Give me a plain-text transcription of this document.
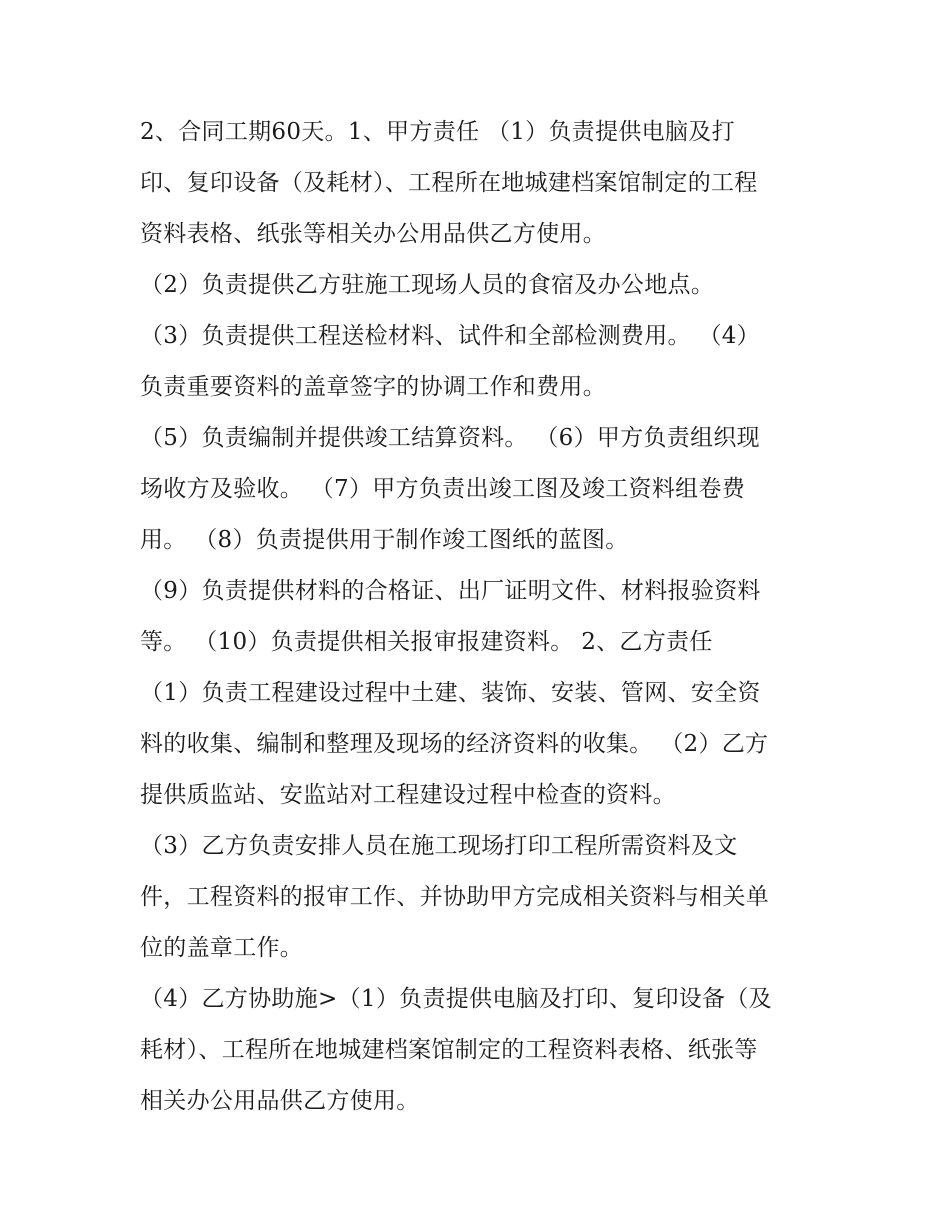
2、合同工期60天。1、甲方责任 （1）负责提供电脑及打
印、复印设备（及耗材）、工程所在地城建档案馆制定的工程
资料表格、纸张等相关办公用品供乙方使用。
（2）负责提供乙方驻施工现场人员的食宿及办公地点。
（3）负责提供工程送检材料、试件和全部检测费用。 （4）
负责重要资料的盖章签字的协调工作和费用。
（5）负责编制并提供竣工结算资料。 （6）甲方负责组织现
场收方及验收。 （7）甲方负责出竣工图及竣工资料组卷费
用。 （8）负责提供用于制作竣工图纸的蓝图。
（9）负责提供材料的合格证、出厂证明文件、材料报验资料
等。 （10）负责提供相关报审报建资料。 2、乙方责任
（1）负责工程建设过程中土建、装饰、安装、管网、安全资
料的收集、编制和整理及现场的经济资料的收集。 （2）乙方
提供质监站、安监站对工程建设过程中检查的资料。
（3）乙方负责安排人员在施工现场打印工程所需资料及文
件，工程资料的报审工作、并协助甲方完成相关资料与相关单
位的盖章工作。
（4）乙方协助施>（1）负责提供电脑及打印、复印设备（及
耗材）、工程所在地城建档案馆制定的工程资料表格、纸张等
相关办公用品供乙方使用。
